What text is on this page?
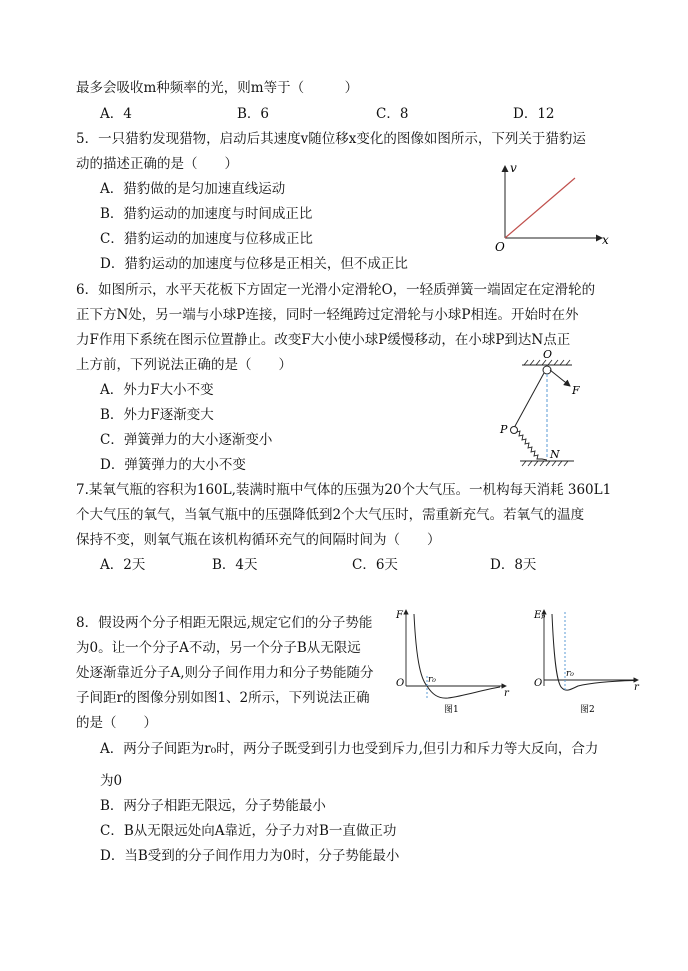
最多会吸收m种频率的光，则m等于（　　　）
A．4	B．6	C．8	D．12
5．一只猎豹发现猎物，启动后其速度v随位移x变化的图像如图所示，下列关于猎豹运
动的描述正确的是（　　）
A．猎豹做的是匀加速直线运动
B．猎豹运动的加速度与时间成正比
C．猎豹运动的加速度与位移成正比
D．猎豹运动的加速度与位移是正相关，但不成正比
v
x
O
6．如图所示，水平天花板下方固定一光滑小定滑轮O，一轻质弹簧一端固定在定滑轮的
正下方N处，另一端与小球P连接，同时一轻绳跨过定滑轮与小球P相连。开始时在外
力F作用下系统在图示位置静止。改变F大小使小球P缓慢移动，在小球P到达N点正
上方前，下列说法正确的是（　　）
A．外力F大小不变
B．外力F逐渐变大
C．弹簧弹力的大小逐渐变小
D．弹簧弹力的大小不变
O
F
P
N
7.某氧气瓶的容积为160L,装满时瓶中气体的压强为20个大气压。一机构每天消耗 360L1
个大气压的氧气，当氧气瓶中的压强降低到2个大气压时，需重新充气。若氧气的温度
保持不变，则氧气瓶在该机构循环充气的间隔时间为（　　）
A．2天	B．4天	C．6天	D．8天
8．假设两个分子相距无限远,规定它们的分子势能
为0。让一个分子A不动，另一个分子B从无限远
处逐渐靠近分子A,则分子间作用力和分子势能随分
子间距r的图像分别如图1、2所示，下列说法正确
的是（　　）
F
r
O	r₀
图1
Eₚ
r
O
r₀
图2
A．两分子间距为r₀时，两分子既受到引力也受到斥力,但引力和斥力等大反向，合力
为0
B．两分子相距无限远，分子势能最小
C．B从无限远处向A靠近，分子力对B一直做正功
D．当B受到的分子间作用力为0时，分子势能最小
